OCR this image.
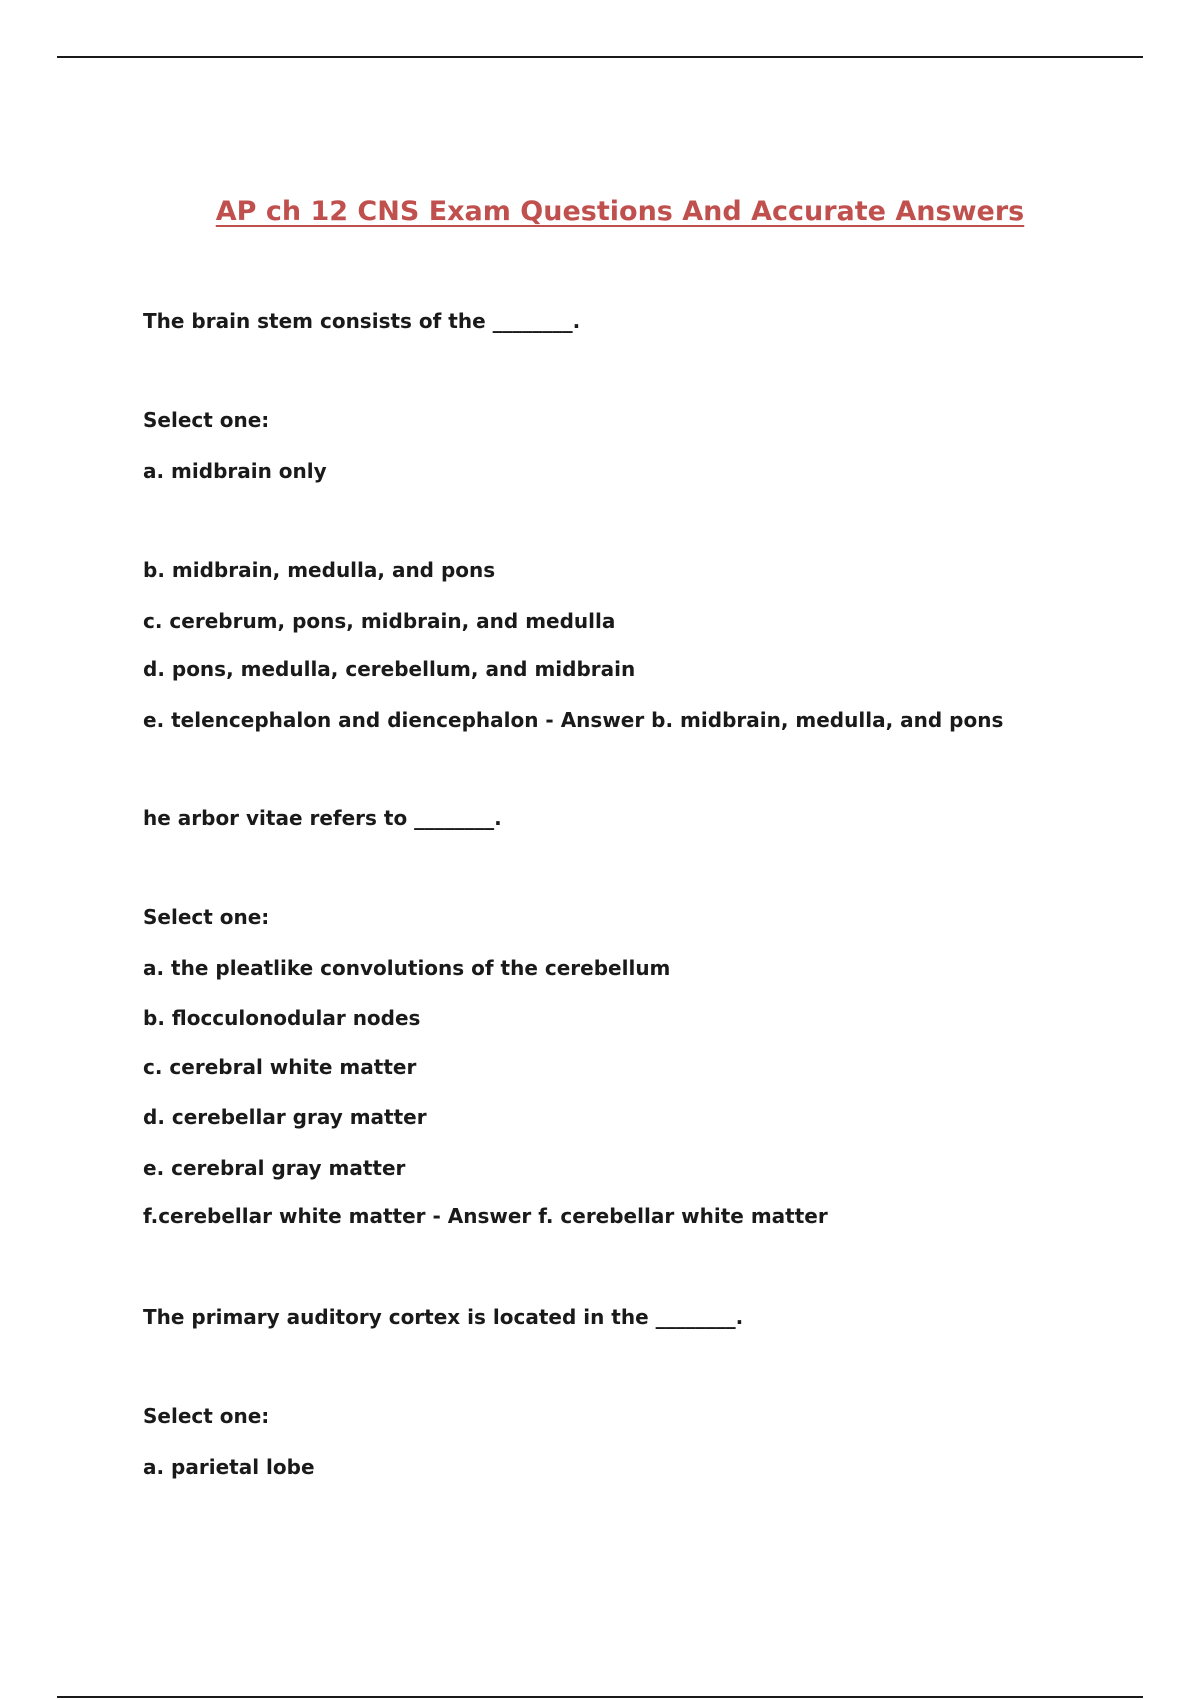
AP ch 12 CNS Exam Questions And Accurate Answers

The brain stem consists of the ________.

Select one:

a. midbrain only

b. midbrain, medulla, and pons

c. cerebrum, pons, midbrain, and medulla

d. pons, medulla, cerebellum, and midbrain

e. telencephalon and diencephalon - Answer b. midbrain, medulla, and pons

he arbor vitae refers to ________.

Select one:

a. the pleatlike convolutions of the cerebellum

b. flocculonodular nodes

c. cerebral white matter

d. cerebellar gray matter

e. cerebral gray matter

f.cerebellar white matter - Answer f. cerebellar white matter

The primary auditory cortex is located in the ________.

Select one:

a. parietal lobe
